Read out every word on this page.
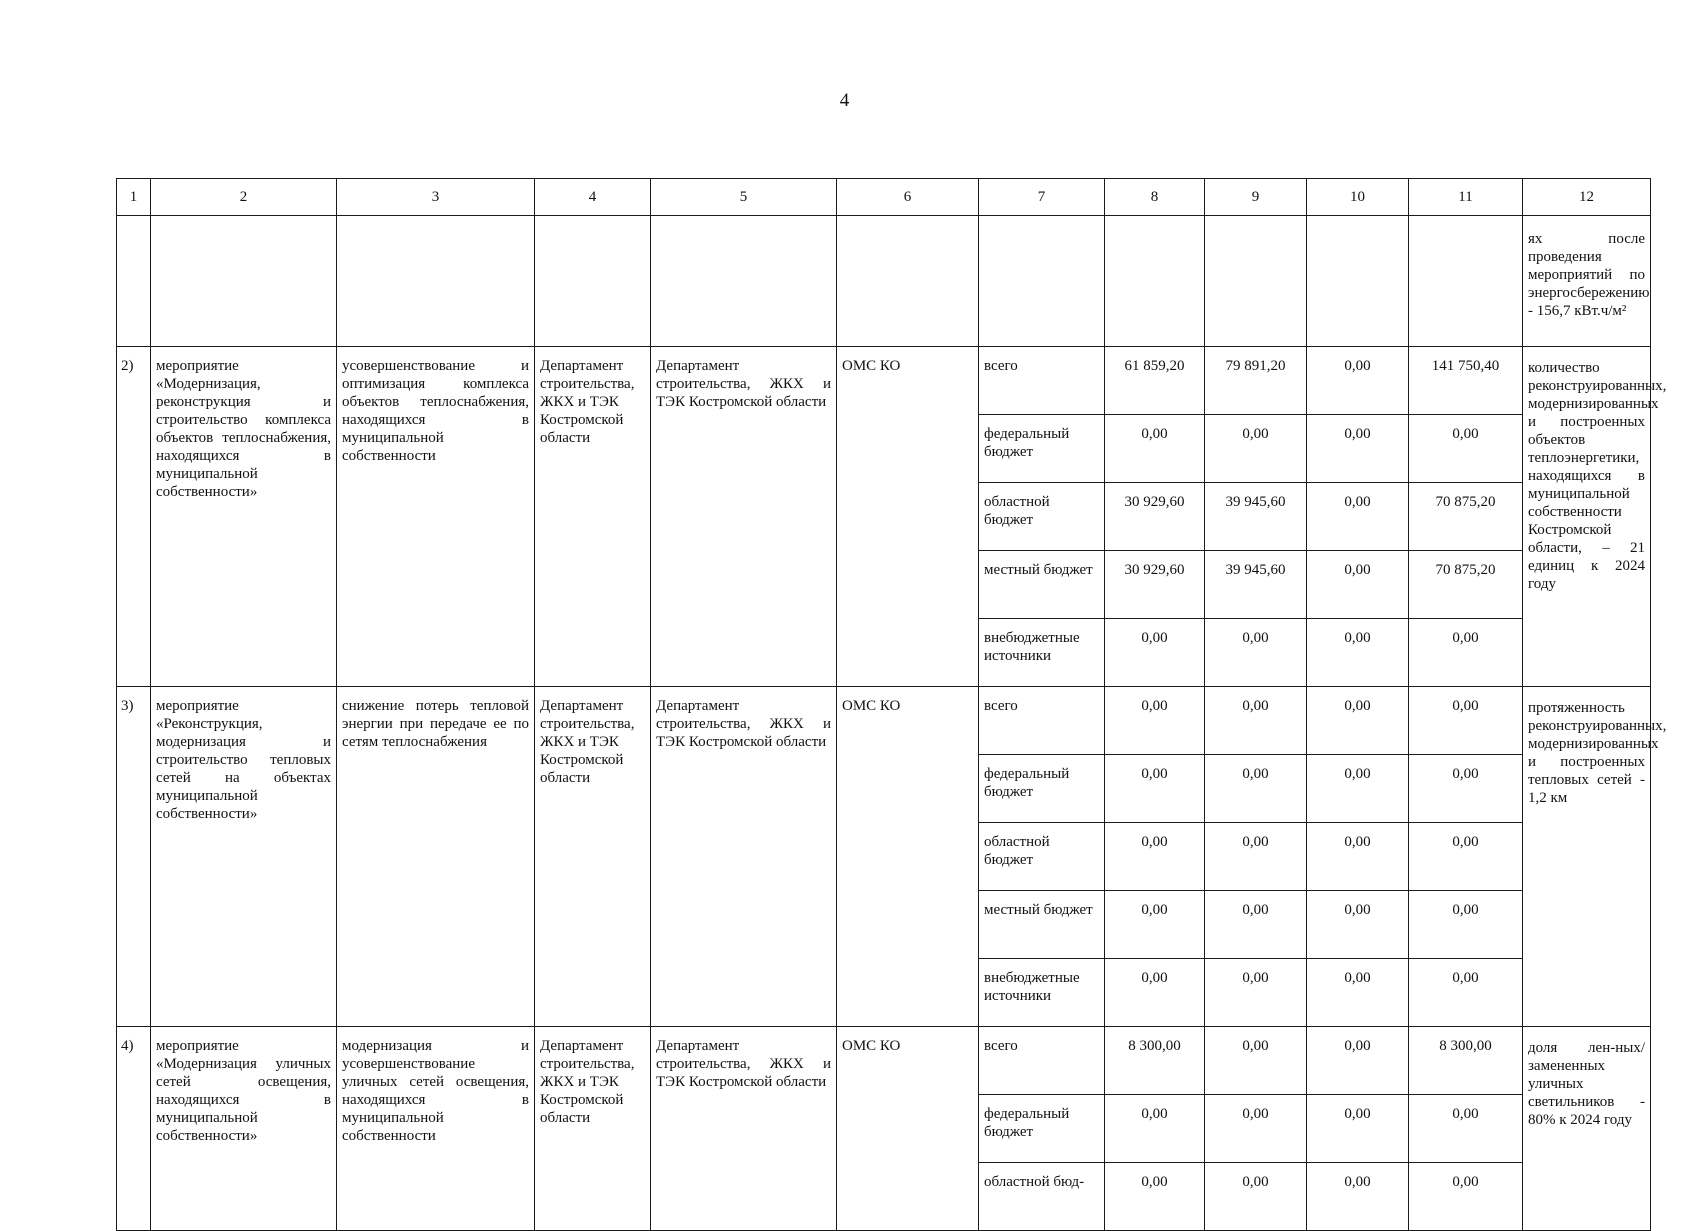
4
1	2	3	4	5	6	7	8	9	10	11	12
											ях после проведения мероприятий по энергосбережению - 156,7 кВт.ч/м²
2)	мероприятие «Модернизация, реконструкция и строительство комплекса объектов теплоснабжения, находящихся в муниципальной собственности»	усовершенствование и оптимизация комплекса объектов теплоснабжения, находящихся в муниципальной собственности	Департамент строительства, ЖКХ и ТЭК Костромской области	Департамент строительства, ЖКХ и ТЭК Костромской области	ОМС КО	всего	61 859,20	79 891,20	0,00	141 750,40	количество реконструированных, модернизированных и построенных объектов теплоэнергетики, находящихся в муниципальной собственности Костромской области, – 21 единиц к 2024 году
						федеральный бюджет	0,00	0,00	0,00	0,00	
						областной бюджет	30 929,60	39 945,60	0,00	70 875,20	
						местный бюджет	30 929,60	39 945,60	0,00	70 875,20	
						внебюджетные источники	0,00	0,00	0,00	0,00	
3)	мероприятие «Реконструкция, модернизация и строительство тепловых сетей на объектах муниципальной собственности»	снижение потерь тепловой энергии при передаче ее по сетям теплоснабжения	Департамент строительства, ЖКХ и ТЭК Костромской области	Департамент строительства, ЖКХ и ТЭК Костромской области	ОМС КО	всего	0,00	0,00	0,00	0,00	протяженность реконструированных, модернизированных и построенных тепловых сетей - 1,2 км
						федеральный бюджет	0,00	0,00	0,00	0,00	
						областной бюджет	0,00	0,00	0,00	0,00	
						местный бюджет	0,00	0,00	0,00	0,00	
						внебюджетные источники	0,00	0,00	0,00	0,00	
4)	мероприятие «Модернизация уличных сетей освещения, находящихся в муниципальной собственности»	модернизация и усовершенствование уличных сетей освещения, находящихся в муниципальной собственности	Департамент строительства, ЖКХ и ТЭК Костромской области	Департамент строительства, ЖКХ и ТЭК Костромской области	ОМС КО	всего	8 300,00	0,00	0,00	8 300,00	доля лен-ных/замененных уличных светильников - 80% к 2024 году
						федеральный бюджет	0,00	0,00	0,00	0,00	
						областной бюд-	0,00	0,00	0,00	0,00	
